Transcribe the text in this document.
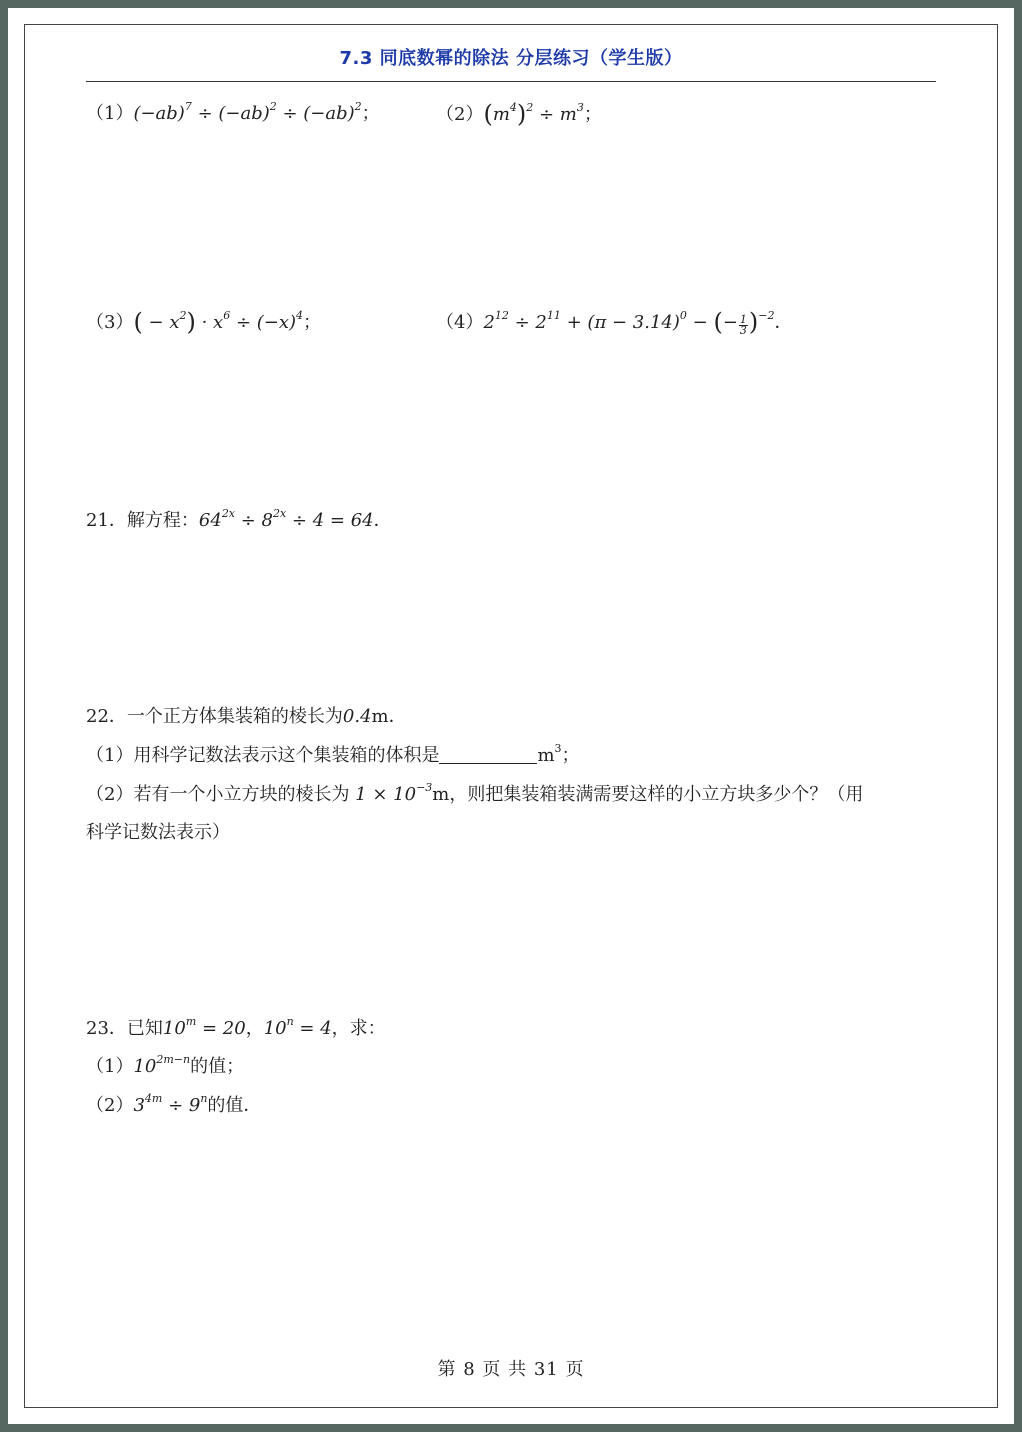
7.3 同底数幂的除法 分层练习（学生版）
$(1)(-ab)^7 \div (-ab)^2 \div (-ab)^2$；	$(2)(m^4)^2 \div m^3$；
$(3)( - x^2) \cdot x^6 \div (-x)^4$；	$(4)2^{12} \div 2^{11} + (\pi - 3.14)^0$ − (− $\frac{1}{3} )^{-2}$．
21．解方程：$64^{2x} \div 8^{2x} \div 4 = 64$．
22．一个正方体集装箱的棱长为0.4m．
（1）用科学记数法表示这个集装箱的体积是	$m^3$；
（2）若有一个小立方块的棱长为 $1 \times 10^{-3}m$，则把集装箱装满需要这样的小立方块多少个？（用
科学记数法表示）
23．已知$10^m = 20$，$10^n = 4$，求：
$(1)10^{2m-n}$的值；
$(2)3^{4m} \div 9^n$的值．
第 8 页 共 31 页
